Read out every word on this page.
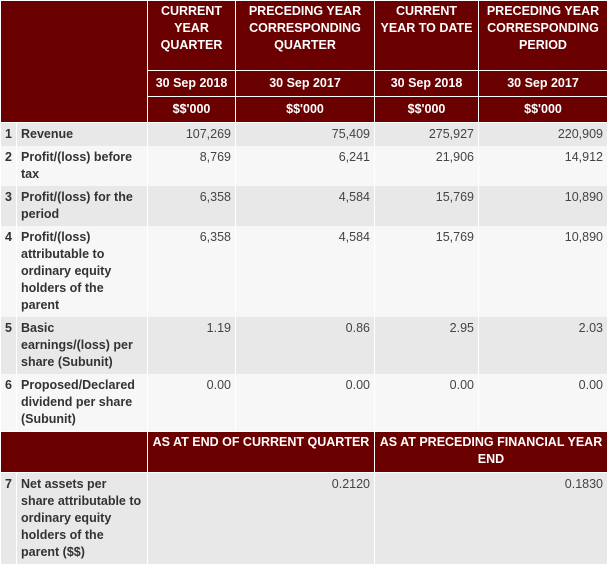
		CURRENT YEAR QUARTER	PRECEDING YEAR CORRESPONDING QUARTER	CURRENT YEAR TO DATE	PRECEDING YEAR CORRESPONDING PERIOD
		30 Sep 2018	30 Sep 2017	30 Sep 2018	30 Sep 2017
		$$'000	$$'000	$$'000	$$'000
1	Revenue	107,269	75,409	275,927	220,909
2	Profit/(loss) before tax	8,769	6,241	21,906	14,912
3	Profit/(loss) for the period	6,358	4,584	15,769	10,890
4	Profit/(loss) attributable to ordinary equity holders of the parent	6,358	4,584	15,769	10,890
5	Basic earnings/(loss) per share (Subunit)	1.19	0.86	2.95	2.03
6	Proposed/Declared dividend per share (Subunit)	0.00	0.00	0.00	0.00
		AS AT END OF CURRENT QUARTER		AS AT PRECEDING FINANCIAL YEAR END	
7	Net assets per share attributable to ordinary equity holders of the parent ($$)	0.2120		0.1830	
